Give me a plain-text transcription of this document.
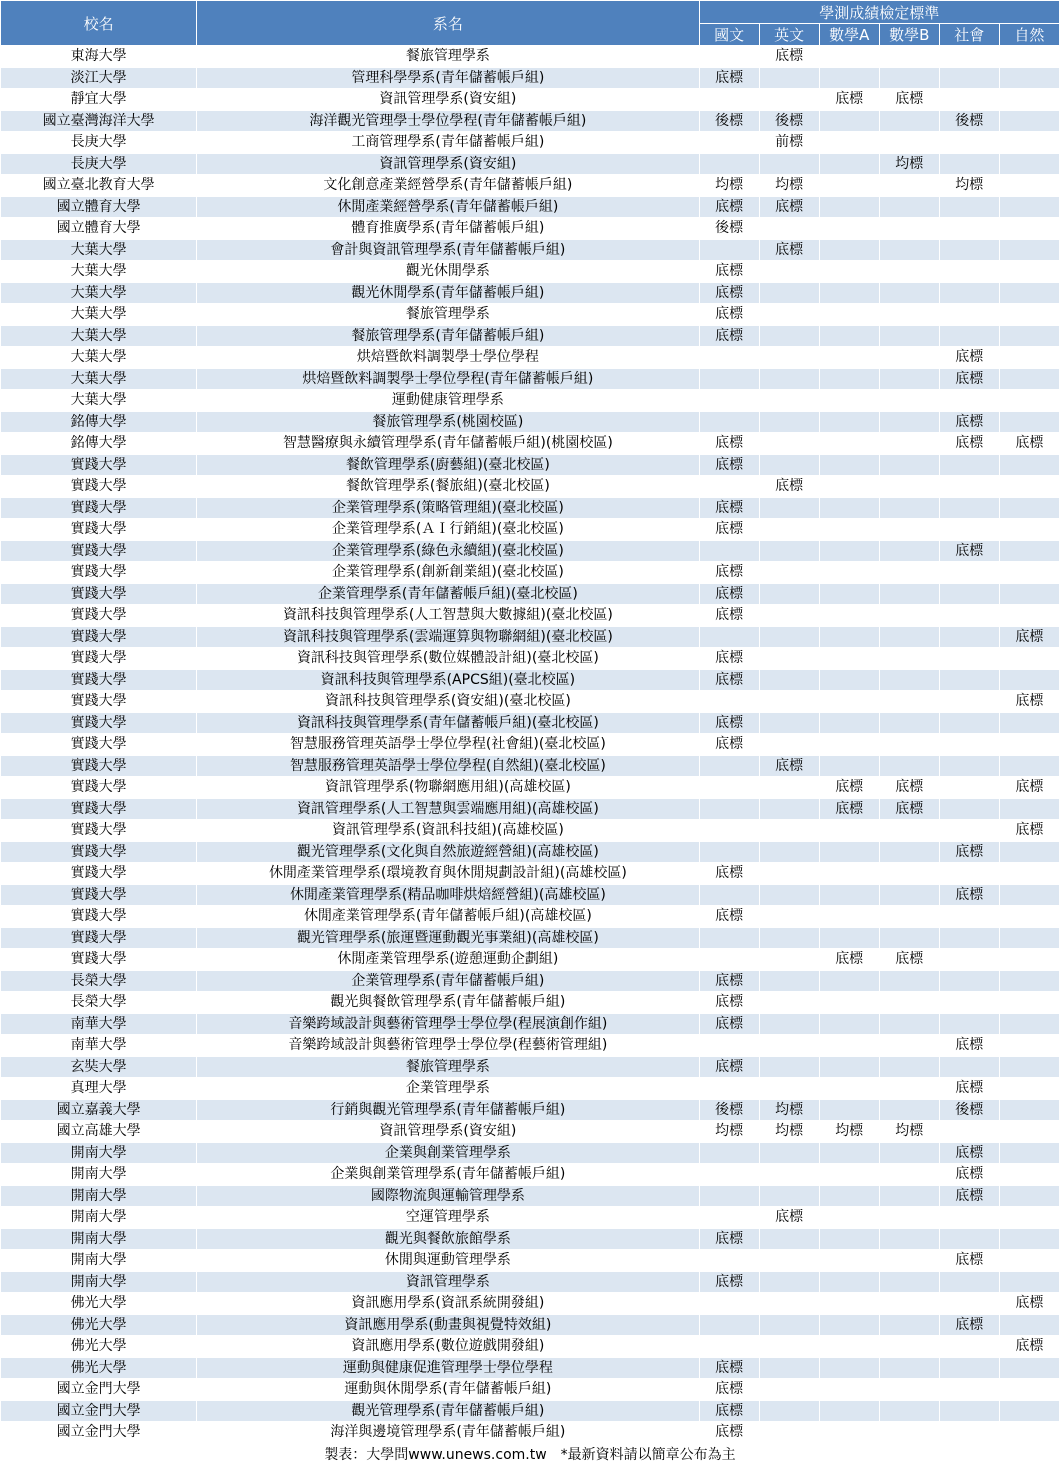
校名	系名	學測成績檢定標準					
		國文	英文	數學A	數學B	社會	自然
東海大學	餐旅管理學系		底標				
淡江大學	管理科學學系(青年儲蓄帳戶組)	底標					
靜宜大學	資訊管理學系(資安組)			底標	底標		
國立臺灣海洋大學	海洋觀光管理學士學位學程(青年儲蓄帳戶組)	後標	後標			後標	
長庚大學	工商管理學系(青年儲蓄帳戶組)		前標				
長庚大學	資訊管理學系(資安組)				均標		
國立臺北教育大學	文化創意產業經營學系(青年儲蓄帳戶組)	均標	均標			均標	
國立體育大學	休閒產業經營學系(青年儲蓄帳戶組)	底標	底標				
國立體育大學	體育推廣學系(青年儲蓄帳戶組)	後標					
大葉大學	會計與資訊管理學系(青年儲蓄帳戶組)		底標				
大葉大學	觀光休閒學系	底標					
大葉大學	觀光休閒學系(青年儲蓄帳戶組)	底標					
大葉大學	餐旅管理學系	底標					
大葉大學	餐旅管理學系(青年儲蓄帳戶組)	底標					
大葉大學	烘焙暨飲料調製學士學位學程					底標	
大葉大學	烘焙暨飲料調製學士學位學程(青年儲蓄帳戶組)					底標	
大葉大學	運動健康管理學系						
銘傳大學	餐旅管理學系(桃園校區)					底標	
銘傳大學	智慧醫療與永續管理學系(青年儲蓄帳戶組)(桃園校區)	底標				底標	底標
實踐大學	餐飲管理學系(廚藝組)(臺北校區)	底標					
實踐大學	餐飲管理學系(餐旅組)(臺北校區)		底標				
實踐大學	企業管理學系(策略管理組)(臺北校區)	底標					
實踐大學	企業管理學系(ＡＩ行銷組)(臺北校區)	底標					
實踐大學	企業管理學系(綠色永續組)(臺北校區)					底標	
實踐大學	企業管理學系(創新創業組)(臺北校區)	底標					
實踐大學	企業管理學系(青年儲蓄帳戶組)(臺北校區)	底標					
實踐大學	資訊科技與管理學系(人工智慧與大數據組)(臺北校區)	底標					
實踐大學	資訊科技與管理學系(雲端運算與物聯網組)(臺北校區)						底標
實踐大學	資訊科技與管理學系(數位媒體設計組)(臺北校區)	底標					
實踐大學	資訊科技與管理學系(APCS組)(臺北校區)	底標					
實踐大學	資訊科技與管理學系(資安組)(臺北校區)						底標
實踐大學	資訊科技與管理學系(青年儲蓄帳戶組)(臺北校區)	底標					
實踐大學	智慧服務管理英語學士學位學程(社會組)(臺北校區)	底標					
實踐大學	智慧服務管理英語學士學位學程(自然組)(臺北校區)		底標				
實踐大學	資訊管理學系(物聯網應用組)(高雄校區)			底標	底標		底標
實踐大學	資訊管理學系(人工智慧與雲端應用組)(高雄校區)			底標	底標		
實踐大學	資訊管理學系(資訊科技組)(高雄校區)						底標
實踐大學	觀光管理學系(文化與自然旅遊經營組)(高雄校區)					底標	
實踐大學	休閒產業管理學系(環境教育與休閒規劃設計組)(高雄校區)	底標					
實踐大學	休閒產業管理學系(精品咖啡烘焙經營組)(高雄校區)					底標	
實踐大學	休閒產業管理學系(青年儲蓄帳戶組)(高雄校區)	底標					
實踐大學	觀光管理學系(旅運暨運動觀光事業組)(高雄校區)						
實踐大學	休閒產業管理學系(遊憩運動企劃組)			底標	底標		
長榮大學	企業管理學系(青年儲蓄帳戶組)	底標					
長榮大學	觀光與餐飲管理學系(青年儲蓄帳戶組)	底標					
南華大學	音樂跨域設計與藝術管理學士學位學(程展演創作組)	底標					
南華大學	音樂跨域設計與藝術管理學士學位學(程藝術管理組)					底標	
玄奘大學	餐旅管理學系	底標					
真理大學	企業管理學系					底標	
國立嘉義大學	行銷與觀光管理學系(青年儲蓄帳戶組)	後標	均標			後標	
國立高雄大學	資訊管理學系(資安組)	均標	均標	均標	均標		
開南大學	企業與創業管理學系					底標	
開南大學	企業與創業管理學系(青年儲蓄帳戶組)					底標	
開南大學	國際物流與運輸管理學系					底標	
開南大學	空運管理學系		底標				
開南大學	觀光與餐飲旅館學系	底標					
開南大學	休閒與運動管理學系					底標	
開南大學	資訊管理學系	底標					
佛光大學	資訊應用學系(資訊系統開發組)						底標
佛光大學	資訊應用學系(動畫與視覺特效組)					底標	
佛光大學	資訊應用學系(數位遊戲開發組)						底標
佛光大學	運動與健康促進管理學士學位學程	底標					
國立金門大學	運動與休閒學系(青年儲蓄帳戶組)	底標					
國立金門大學	觀光管理學系(青年儲蓄帳戶組)	底標					
國立金門大學	海洋與邊境管理學系(青年儲蓄帳戶組)	底標					
製表：大學問www.unews.com.tw　*最新資料請以簡章公布為主
